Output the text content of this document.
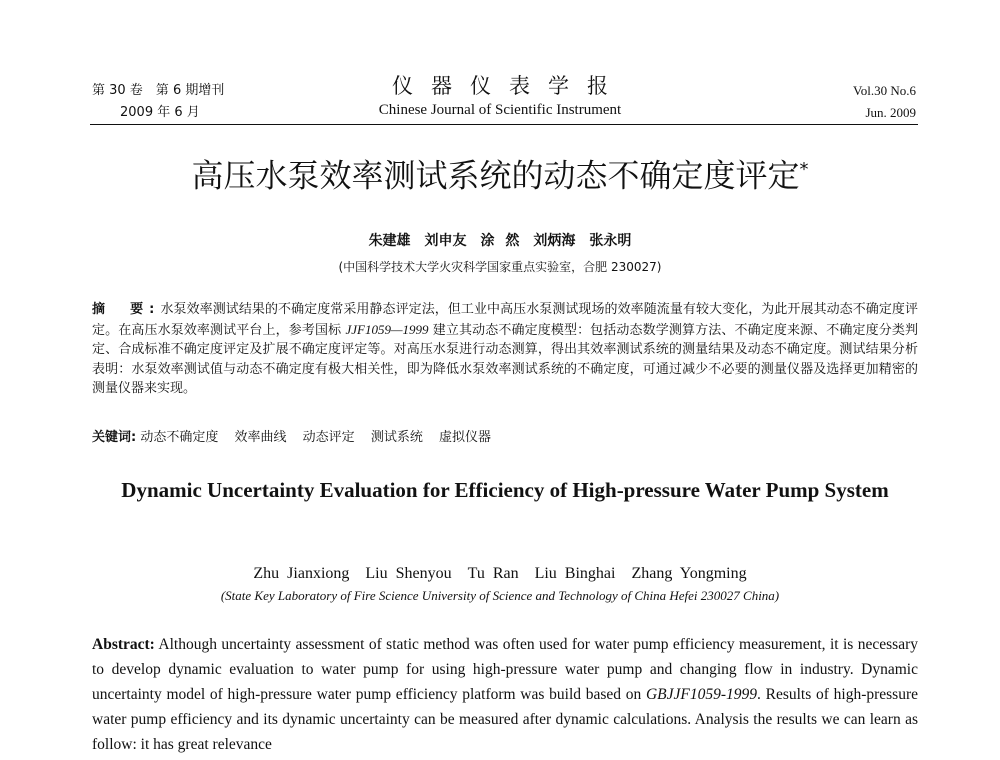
第 30 卷　第 6 期增刊
2009 年 6 月
仪器仪表学报
Chinese Journal of Scientific Instrument
Vol.30 No.6
Jun. 2009
高压水泵效率测试系统的动态不确定度评定*
朱建雄　刘申友　涂 然　刘炳海　张永明
(中国科学技术大学火灾科学国家重点实验室，合肥 230027)
摘　要:水泵效率测试结果的不确定度常采用静态评定法，但工业中高压水泵测试现场的效率随流量有较大变化，为此开展其动态不确定度评定。在高压水泵效率测试平台上，参考国标 JJF1059—1999 建立其动态不确定度模型：包括动态数学测算方法、不确定度来源、不确定度分类判定、合成标准不确定度评定及扩展不确定度评定等。对高压水泵进行动态测算，得出其效率测试系统的测量结果及动态不确定度。测试结果分析表明：水泵效率测试值与动态不确定度有极大相关性，即为降低水泵效率测试系统的不确定度，可通过减少不必要的测量仪器及选择更加精密的测量仪器来实现。
关键词: 动态不确定度 效率曲线 动态评定 测试系统 虚拟仪器
Dynamic Uncertainty Evaluation for Efficiency of High-pressure Water Pump System
Zhu Jianxiong　Liu Shenyou　Tu Ran　Liu Binghai　Zhang Yongming
(State Key Laboratory of Fire Science University of Science and Technology of China Hefei 230027 China)
Abstract: Although uncertainty assessment of static method was often used for water pump efficiency measurement, it is necessary to develop dynamic evaluation to water pump for using high-pressure water pump and changing flow in industry. Dynamic uncertainty model of high-pressure water pump efficiency platform was build based on GBJJF1059-1999. Results of high-pressure water pump efficiency and its dynamic uncertainty can be measured after dynamic calculations. Analysis the results we can learn as follow: it has great relevance
